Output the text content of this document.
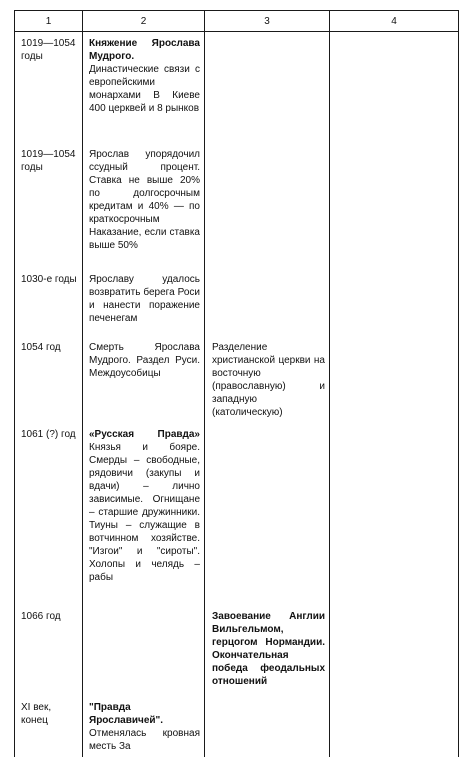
1	2	3	4
1019—1054 годы	Княжение Ярослава Мудрого. Династические связи с европейскими монархами В Киеве 400 церквей и 8 рынков		
1019—1054 годы	Ярослав упорядочил ссудный процент. Ставка не выше 20% по долгосрочным кредитам и 40% — по краткосрочным Наказание, если ставка выше 50%		
1030-е годы	Ярославу удалось возвратить берега Роси и нанести поражение печенегам		
1054 год	Смерть Ярослава Мудрого. Раздел Руси. Междоусобицы	Разделение христианской церкви на восточную (православную) и западную (католическую)	
1061 (?) год	«Русская Правда» Князья и бояре. Смерды – свободные, рядовичи (закупы и вдачи) – лично зависимые. Огнищане – старшие дружинники. Тиуны – служащие в вотчинном хозяйстве. "Изгои" и "сироты". Холопы и челядь – рабы		
1066 год		Завоевание Англии Вильгельмом, герцогом Нормандии. Окончательная победа феодальных отношений	
XI век, конец	"Правда Ярославичей". Отменялась кровная месть За		
